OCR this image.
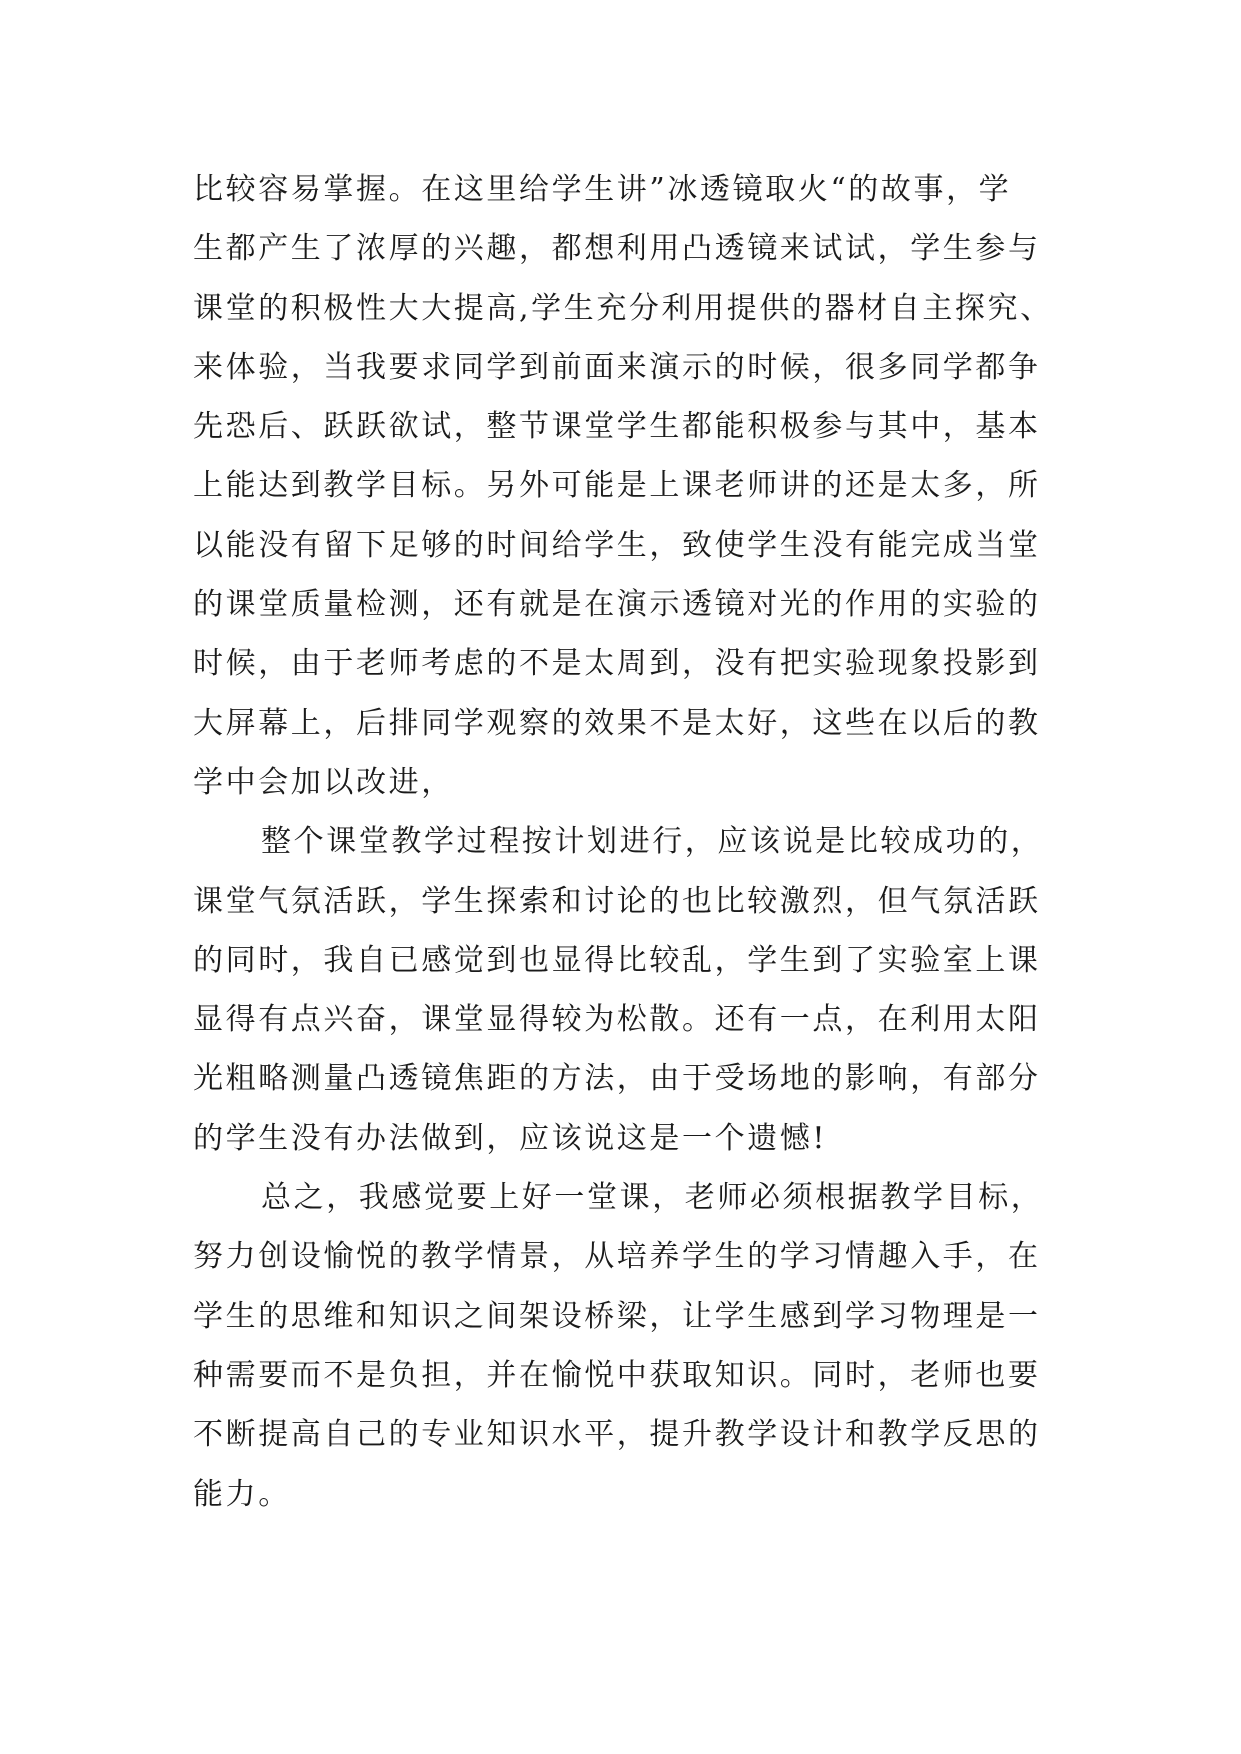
比较容易掌握。在这里给学生讲”冰透镜取火“的故事，学
生都产生了浓厚的兴趣，都想利用凸透镜来试试，学生参与
课堂的积极性大大提高,学生充分利用提供的器材自主探究、
来体验，当我要求同学到前面来演示的时候，很多同学都争
先恐后、跃跃欲试，整节课堂学生都能积极参与其中，基本
上能达到教学目标。另外可能是上课老师讲的还是太多，所
以能没有留下足够的时间给学生，致使学生没有能完成当堂
的课堂质量检测，还有就是在演示透镜对光的作用的实验的
时候，由于老师考虑的不是太周到，没有把实验现象投影到
大屏幕上，后排同学观察的效果不是太好，这些在以后的教
学中会加以改进，
整个课堂教学过程按计划进行，应该说是比较成功的，
课堂气氛活跃，学生探索和讨论的也比较激烈，但气氛活跃
的同时，我自已感觉到也显得比较乱，学生到了实验室上课
显得有点兴奋，课堂显得较为松散。还有一点，在利用太阳
光粗略测量凸透镜焦距的方法，由于受场地的影响，有部分
的学生没有办法做到，应该说这是一个遗憾!
总之，我感觉要上好一堂课，老师必须根据教学目标，
努力创设愉悦的教学情景，从培养学生的学习情趣入手，在
学生的思维和知识之间架设桥梁，让学生感到学习物理是一
种需要而不是负担，并在愉悦中获取知识。同时，老师也要
不断提高自己的专业知识水平，提升教学设计和教学反思的
能力。
